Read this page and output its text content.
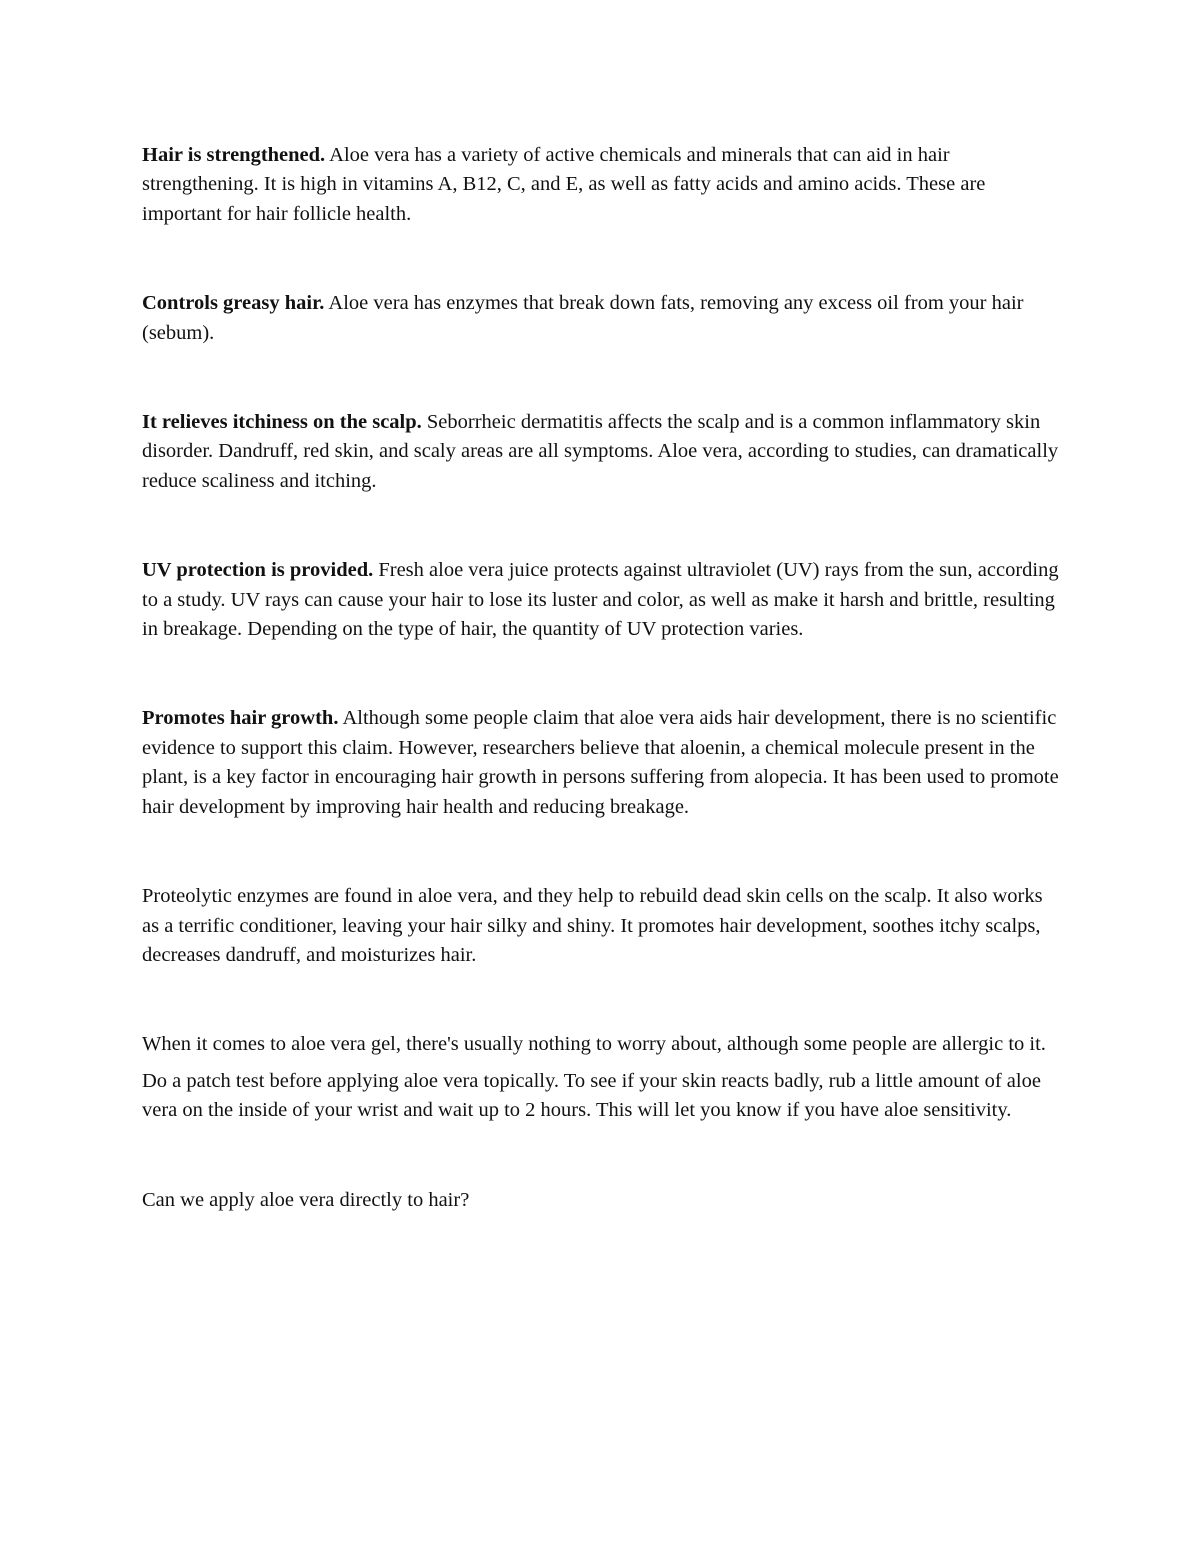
Hair is strengthened. Aloe vera has a variety of active chemicals and minerals that can aid in hair strengthening. It is high in vitamins A, B12, C, and E, as well as fatty acids and amino acids. These are important for hair follicle health.

Controls greasy hair. Aloe vera has enzymes that break down fats, removing any excess oil from your hair (sebum).

It relieves itchiness on the scalp. Seborrheic dermatitis affects the scalp and is a common inflammatory skin disorder. Dandruff, red skin, and scaly areas are all symptoms. Aloe vera, according to studies, can dramatically reduce scaliness and itching.

UV protection is provided. Fresh aloe vera juice protects against ultraviolet (UV) rays from the sun, according to a study. UV rays can cause your hair to lose its luster and color, as well as make it harsh and brittle, resulting in breakage. Depending on the type of hair, the quantity of UV protection varies.

Promotes hair growth. Although some people claim that aloe vera aids hair development, there is no scientific evidence to support this claim. However, researchers believe that aloenin, a chemical molecule present in the plant, is a key factor in encouraging hair growth in persons suffering from alopecia. It has been used to promote hair development by improving hair health and reducing breakage.

Proteolytic enzymes are found in aloe vera, and they help to rebuild dead skin cells on the scalp. It also works as a terrific conditioner, leaving your hair silky and shiny. It promotes hair development, soothes itchy scalps, decreases dandruff, and moisturizes hair.

When it comes to aloe vera gel, there's usually nothing to worry about, although some people are allergic to it.

Do a patch test before applying aloe vera topically. To see if your skin reacts badly, rub a little amount of aloe vera on the inside of your wrist and wait up to 2 hours. This will let you know if you have aloe sensitivity.

Can we apply aloe vera directly to hair?
